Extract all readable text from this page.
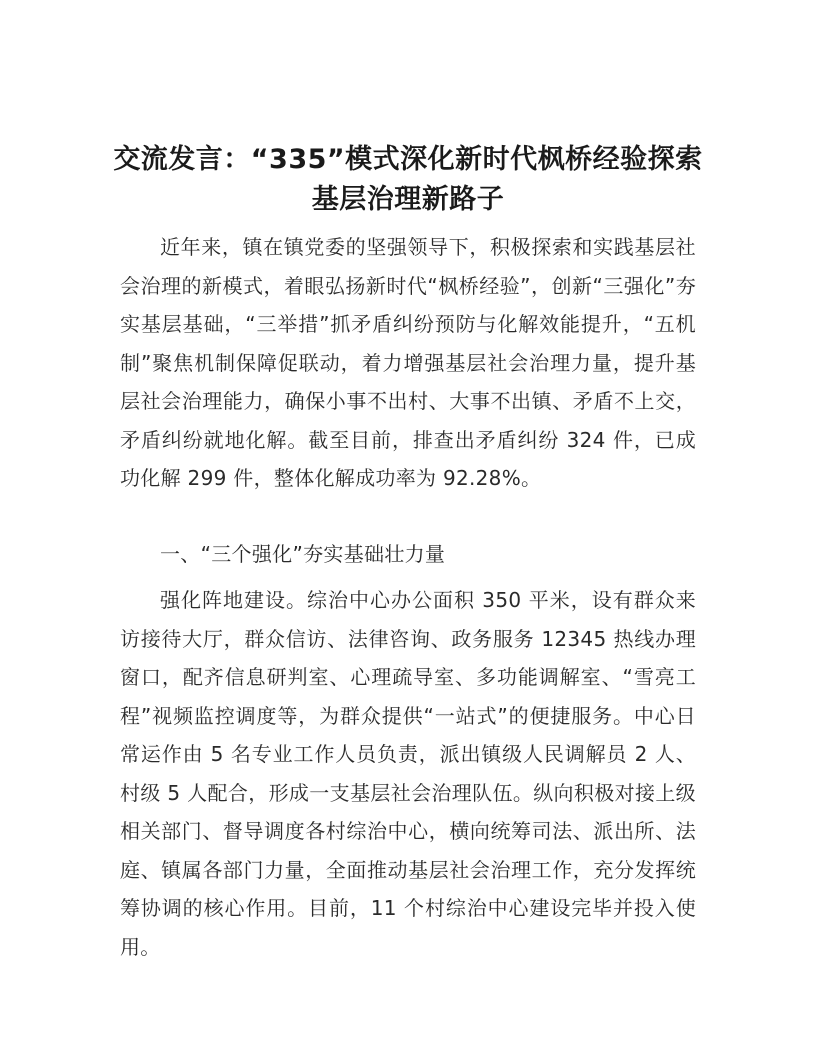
交流发言：“335”模式深化新时代枫桥经验探索基层治理新路子

近年来，镇在镇党委的坚强领导下，积极探索和实践基层社会治理的新模式，着眼弘扬新时代“枫桥经验”，创新“三强化”夯实基层基础，“三举措”抓矛盾纠纷预防与化解效能提升，“五机制”聚焦机制保障促联动，着力增强基层社会治理力量，提升基层社会治理能力，确保小事不出村、大事不出镇、矛盾不上交，矛盾纠纷就地化解。截至目前，排查出矛盾纠纷 324 件，已成功化解 299 件，整体化解成功率为 92.28%。

一、“三个强化”夯实基础壮力量

强化阵地建设。综治中心办公面积 350 平米，设有群众来访接待大厅，群众信访、法律咨询、政务服务 12345 热线办理窗口，配齐信息研判室、心理疏导室、多功能调解室、“雪亮工程”视频监控调度等，为群众提供“一站式”的便捷服务。中心日常运作由 5 名专业工作人员负责，派出镇级人民调解员 2 人、村级 5 人配合，形成一支基层社会治理队伍。纵向积极对接上级相关部门、督导调度各村综治中心，横向统筹司法、派出所、法庭、镇属各部门力量，全面推动基层社会治理工作，充分发挥统筹协调的核心作用。目前，11 个村综治中心建设完毕并投入使用。
